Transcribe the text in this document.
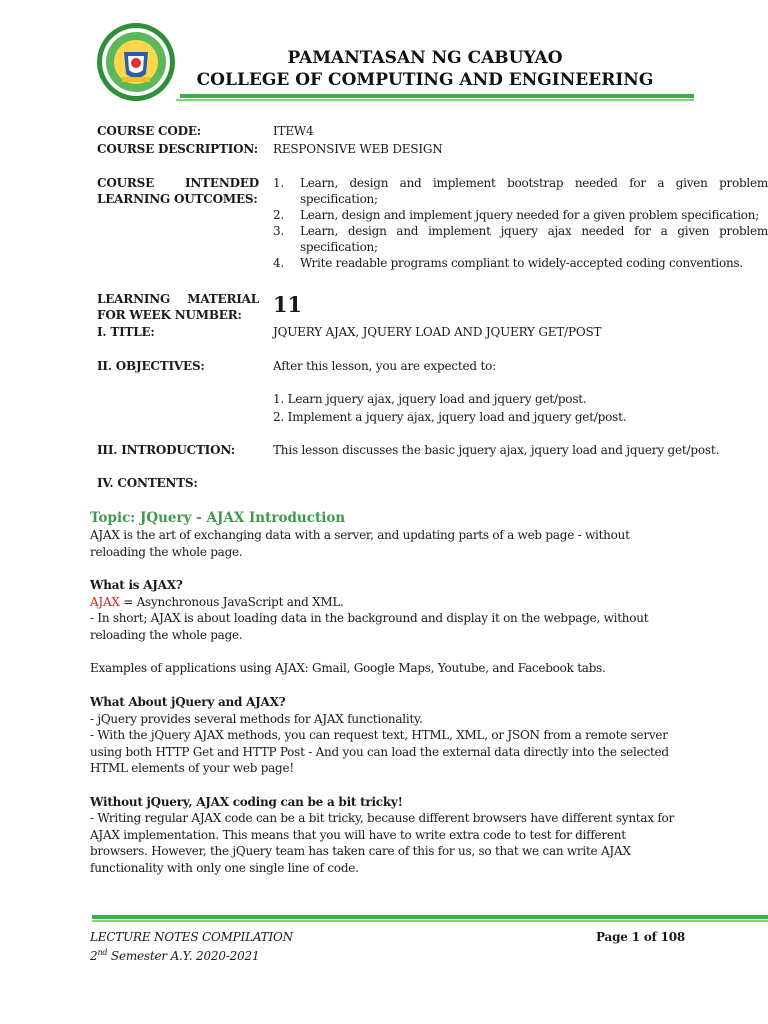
PAMANTASAN NG CABUYAO
COLLEGE OF COMPUTING AND ENGINEERING
COURSE CODE:	ITEW4
COURSE DESCRIPTION: RESPONSIVE WEB DESIGN
COURSE INTENDED
LEARNING OUTCOMES:
1. Learn, design and implement bootstrap needed for a given problem specification;
2. Learn, design and implement jquery needed for a given problem specification;
3. Learn, design and implement jquery ajax needed for a given problem specification;
4. Write readable programs compliant to widely-accepted coding conventions.
LEARNING MATERIAL
FOR WEEK NUMBER: 11
I. TITLE:	JQUERY AJAX, JQUERY LOAD AND JQUERY GET/POST
II. OBJECTIVES:	After this lesson, you are expected to:
1. Learn jquery ajax, jquery load and jquery get/post.
2. Implement a jquery ajax, jquery load and jquery get/post.
III. INTRODUCTION:	This lesson discusses the basic jquery ajax, jquery load and jquery get/post.
IV. CONTENTS:
Topic: JQuery - AJAX Introduction
AJAX is the art of exchanging data with a server, and updating parts of a web page - without reloading the whole page.
What is AJAX?
AJAX = Asynchronous JavaScript and XML.
- In short; AJAX is about loading data in the background and display it on the webpage, without reloading the whole page.
Examples of applications using AJAX: Gmail, Google Maps, Youtube, and Facebook tabs.
What About jQuery and AJAX?
- jQuery provides several methods for AJAX functionality.
- With the jQuery AJAX methods, you can request text, HTML, XML, or JSON from a remote server using both HTTP Get and HTTP Post - And you can load the external data directly into the selected HTML elements of your web page!
Without jQuery, AJAX coding can be a bit tricky!
- Writing regular AJAX code can be a bit tricky, because different browsers have different syntax for AJAX implementation. This means that you will have to write extra code to test for different browsers. However, the jQuery team has taken care of this for us, so that we can write AJAX functionality with only one single line of code.
LECTURE NOTES COMPILATION
2nd Semester A.Y. 2020-2021
Page 1 of 108
